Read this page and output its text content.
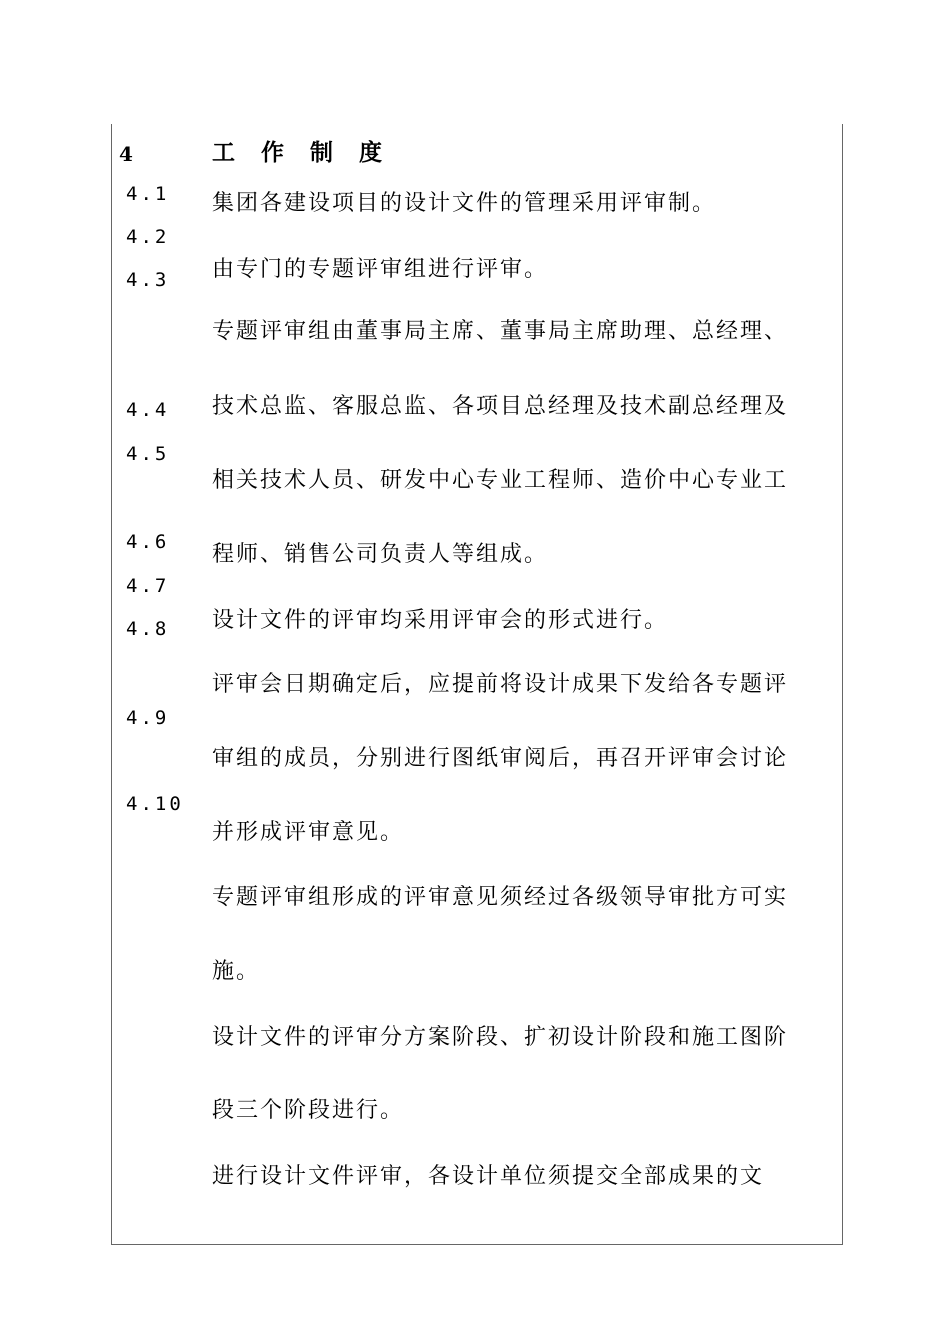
4	工 作 制 度
4.1
4.2
4.3
4.4
4.5
4.6
4.7
4.8
4.9
4.10
集团各建设项目的设计文件的管理采用评审制。
由专门的专题评审组进行评审。
专题评审组由董事局主席、董事局主席助理、总经理、
技术总监、客服总监、各项目总经理及技术副总经理及
相关技术人员、研发中心专业工程师、造价中心专业工
程师、销售公司负责人等组成。
设计文件的评审均采用评审会的形式进行。
评审会日期确定后，应提前将设计成果下发给各专题评
审组的成员，分别进行图纸审阅后，再召开评审会讨论
并形成评审意见。
专题评审组形成的评审意见须经过各级领导审批方可实
施。
设计文件的评审分方案阶段、扩初设计阶段和施工图阶
段三个阶段进行。
进行设计文件评审，各设计单位须提交全部成果的文
